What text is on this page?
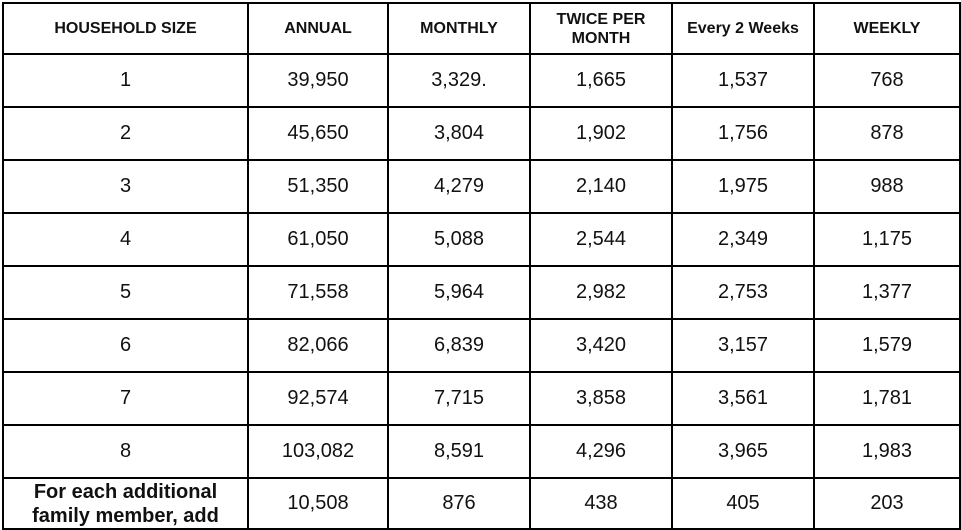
HOUSEHOLD SIZE	ANNUAL	MONTHLY	TWICE PER MONTH	Every 2 Weeks	WEEKLY
1	39,950	3,329.	1,665	1,537	768
2	45,650	3,804	1,902	1,756	878
3	51,350	4,279	2,140	1,975	988
4	61,050	5,088	2,544	2,349	1,175
5	71,558	5,964	2,982	2,753	1,377
6	82,066	6,839	3,420	3,157	1,579
7	92,574	7,715	3,858	3,561	1,781
8	103,082	8,591	4,296	3,965	1,983
For each additional family member, add	10,508	876	438	405	203
